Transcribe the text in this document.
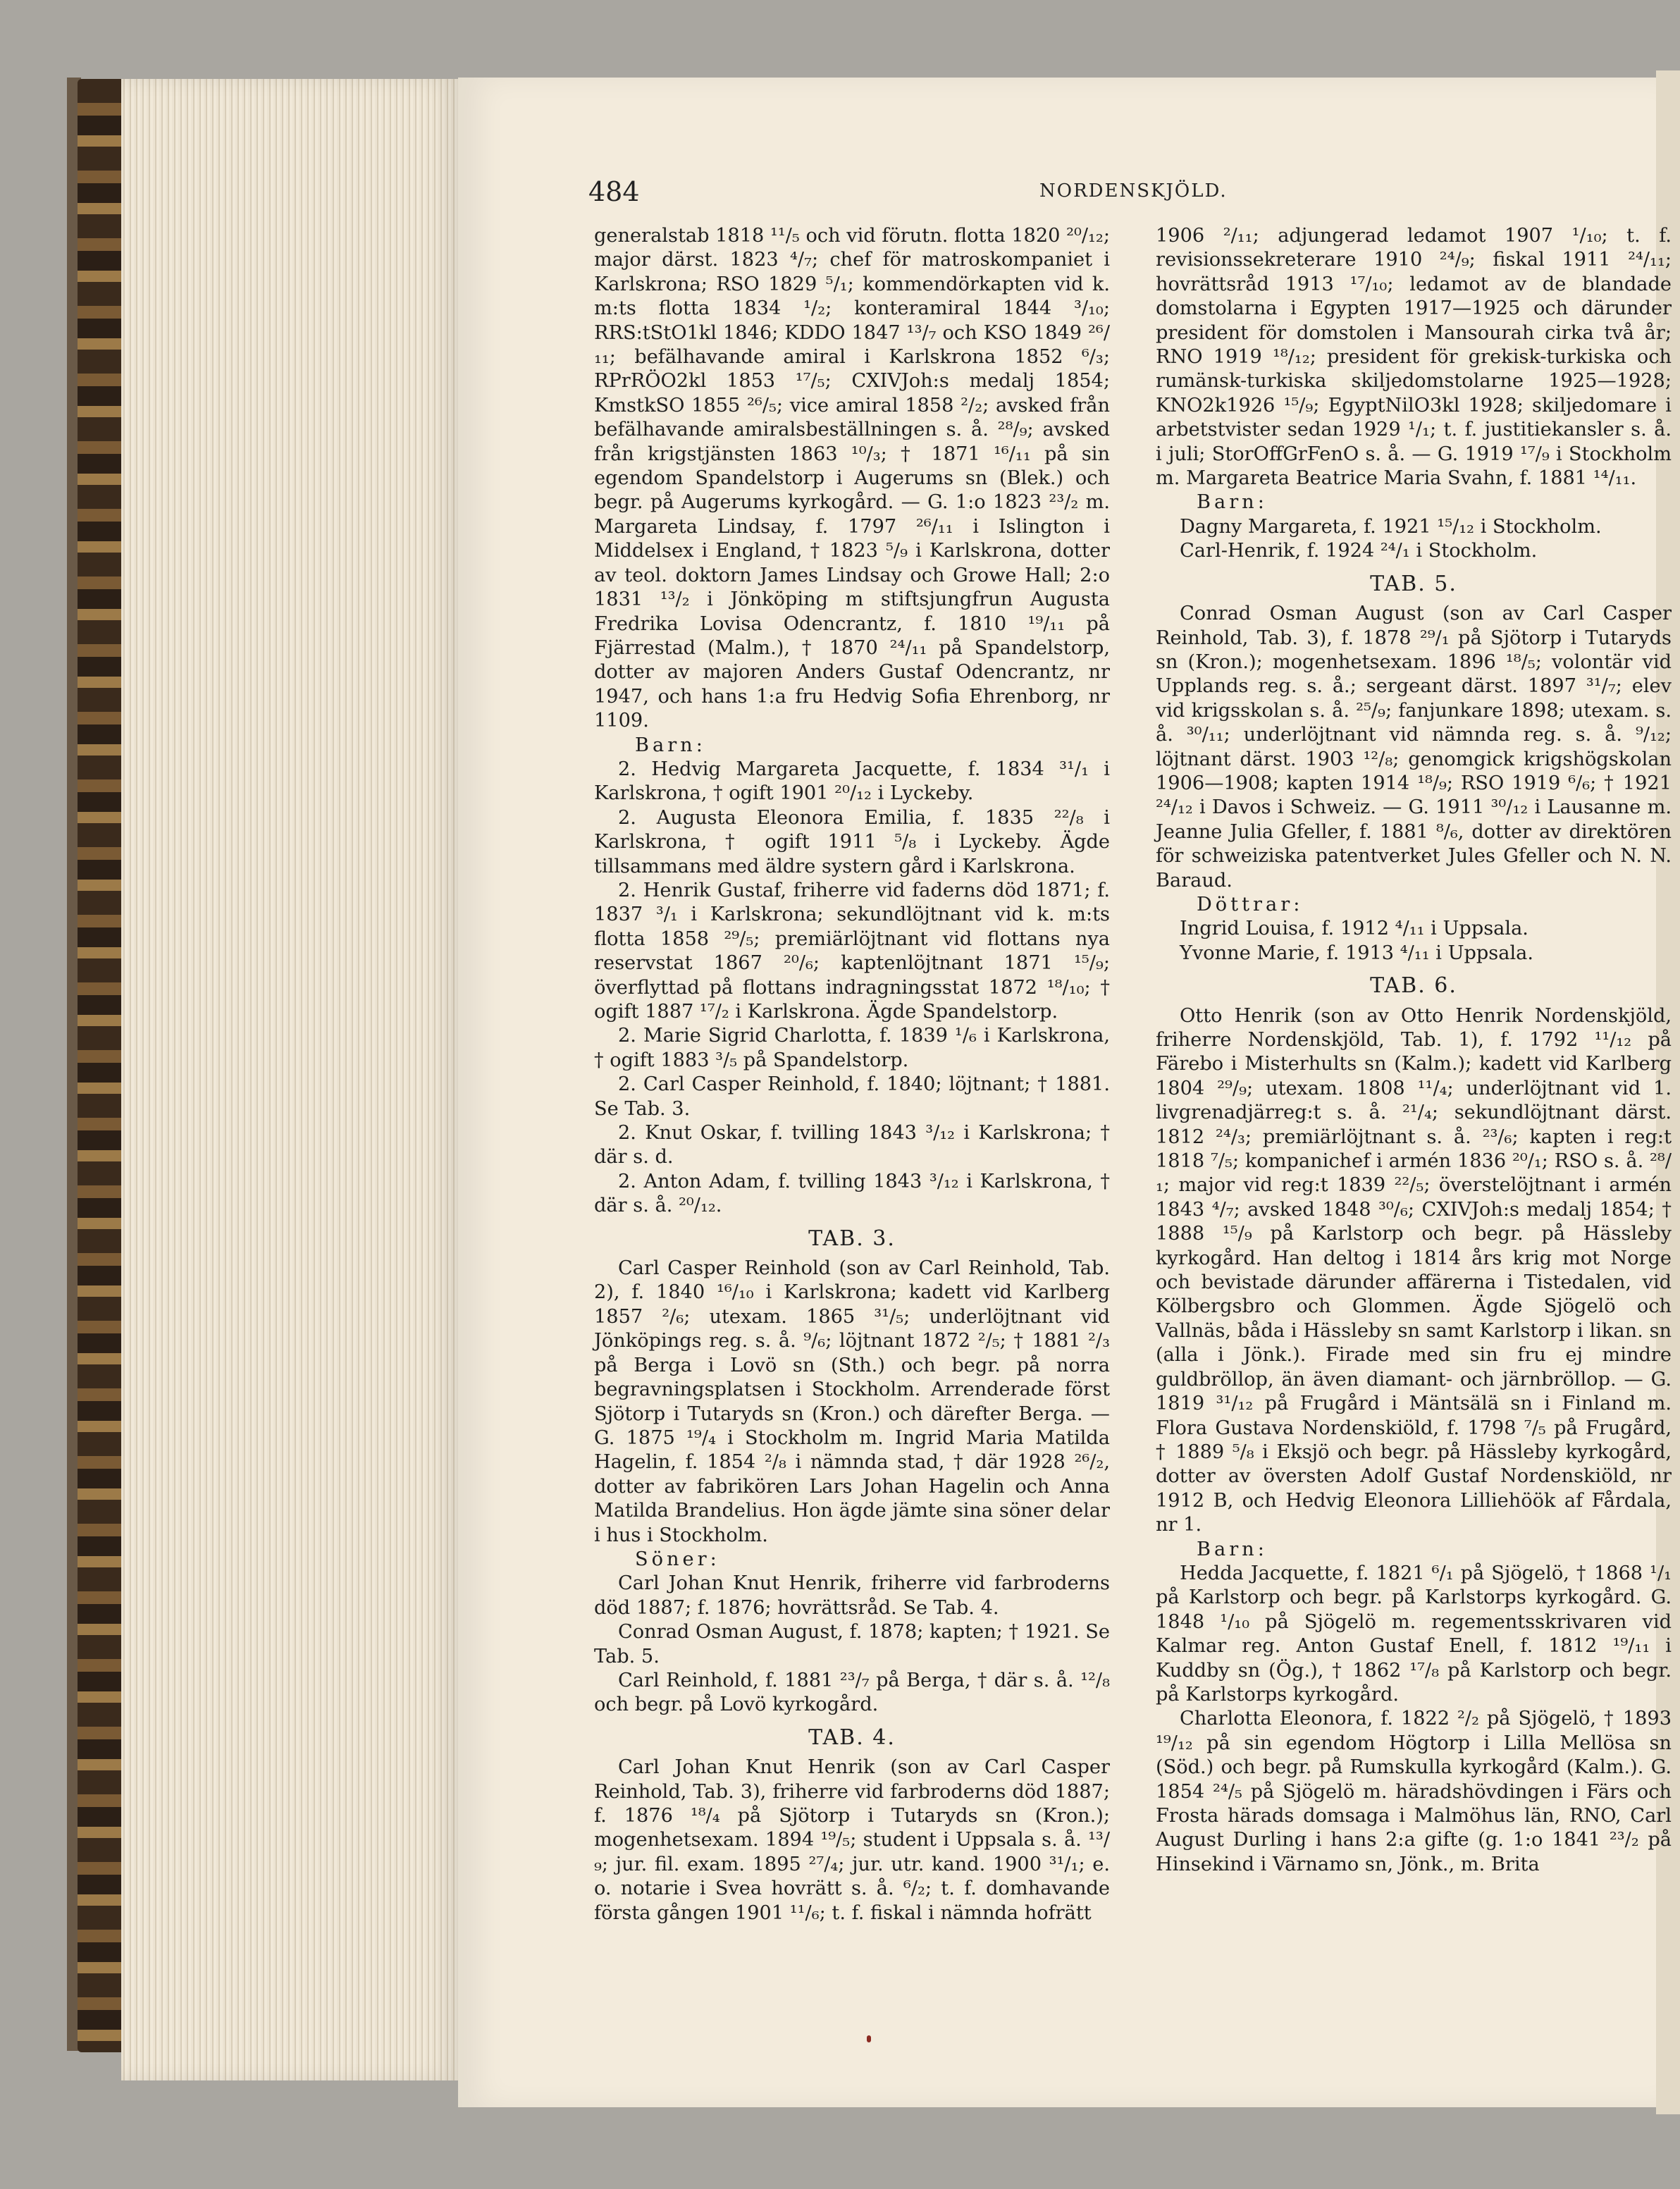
484	NORDENSKJÖLD.

generalstab 1818 ¹¹/₅ och vid förutn. flotta 1820 ²⁰/₁₂; major därst. 1823 ⁴/₇; chef för matroskompaniet i Karlskrona; RSO 1829 ⁵/₁; kommendörkapten vid k. m:ts flotta 1834 ¹/₂; konteramiral 1844 ³/₁₀; RRS:tStO1kl 1846; KDDO 1847 ¹³/₇ och KSO 1849 ²⁶/₁₁; befälhavande amiral i Karlskrona 1852 ⁶/₃; RPrRÖO2kl 1853 ¹⁷/₅; CXIVJoh:s medalj 1854; KmstkSO 1855 ²⁶/₅; vice amiral 1858 ²/₂; avsked från befälhavande amiralsbeställningen s. å. ²⁸/₉; avsked från krigstjänsten 1863 ¹⁰/₃; † 1871 ¹⁶/₁₁ på sin egendom Spandelstorp i Augerums sn (Blek.) och begr. på Augerums kyrkogård. — G. 1:o 1823 ²³/₂ m. Margareta Lindsay, f. 1797 ²⁶/₁₁ i Islington i Middelsex i England, † 1823 ⁵/₉ i Karlskrona, dotter av teol. doktorn James Lindsay och Growe Hall; 2:o 1831 ¹³/₂ i Jönköping m stiftsjungfrun Augusta Fredrika Lovisa Odencrantz, f. 1810 ¹⁹/₁₁ på Fjärrestad (Malm.), † 1870 ²⁴/₁₁ på Spandelstorp, dotter av majoren Anders Gustaf Odencrantz, nr 1947, och hans 1:a fru Hedvig Sofia Ehrenborg, nr 1109.

Barn:

2. Hedvig Margareta Jacquette, f. 1834 ³¹/₁ i Karlskrona, † ogift 1901 ²⁰/₁₂ i Lyckeby.

2. Augusta Eleonora Emilia, f. 1835 ²²/₈ i Karlskrona, † ogift 1911 ⁵/₈ i Lyckeby. Ägde tillsammans med äldre systern gård i Karlskrona.

2. Henrik Gustaf, friherre vid faderns död 1871; f. 1837 ³/₁ i Karlskrona; sekundlöjtnant vid k. m:ts flotta 1858 ²⁹/₅; premiärlöjtnant vid flottans nya reservstat 1867 ²⁰/₆; kaptenlöjtnant 1871 ¹⁵/₉; överflyttad på flottans indragningsstat 1872 ¹⁸/₁₀; † ogift 1887 ¹⁷/₂ i Karlskrona. Ägde Spandelstorp.

2. Marie Sigrid Charlotta, f. 1839 ¹/₆ i Karlskrona, † ogift 1883 ³/₅ på Spandelstorp.

2. Carl Casper Reinhold, f. 1840; löjtnant; † 1881. Se Tab. 3.

2. Knut Oskar, f. tvilling 1843 ³/₁₂ i Karlskrona; † där s. d.

2. Anton Adam, f. tvilling 1843 ³/₁₂ i Karlskrona, † där s. å. ²⁰/₁₂.

TAB. 3.

Carl Casper Reinhold (son av Carl Reinhold, Tab. 2), f. 1840 ¹⁶/₁₀ i Karlskrona; kadett vid Karlberg 1857 ²/₆; utexam. 1865 ³¹/₅; underlöjtnant vid Jönköpings reg. s. å. ⁹/₆; löjtnant 1872 ²/₅; † 1881 ²/₃ på Berga i Lovö sn (Sth.) och begr. på norra begravningsplatsen i Stockholm. Arrenderade först Sjötorp i Tutaryds sn (Kron.) och därefter Berga. — G. 1875 ¹⁹/₄ i Stockholm m. Ingrid Maria Matilda Hagelin, f. 1854 ²/₈ i nämnda stad, † där 1928 ²⁶/₂, dotter av fabrikören Lars Johan Hagelin och Anna Matilda Brandelius. Hon ägde jämte sina söner delar i hus i Stockholm.

Söner:

Carl Johan Knut Henrik, friherre vid farbroderns död 1887; f. 1876; hovrättsråd. Se Tab. 4.

Conrad Osman August, f. 1878; kapten; † 1921. Se Tab. 5.

Carl Reinhold, f. 1881 ²³/₇ på Berga, † där s. å. ¹²/₈ och begr. på Lovö kyrkogård.

TAB. 4.

Carl Johan Knut Henrik (son av Carl Casper Reinhold, Tab. 3), friherre vid farbroderns död 1887; f. 1876 ¹⁸/₄ på Sjötorp i Tutaryds sn (Kron.); mogenhetsexam. 1894 ¹⁹/₅; student i Uppsala s. å. ¹³/₉; jur. fil. exam. 1895 ²⁷/₄; jur. utr. kand. 1900 ³¹/₁; e. o. notarie i Svea hovrätt s. å. ⁶/₂; t. f. domhavande första gången 1901 ¹¹/₆; t. f. fiskal i nämnda hofrätt

1906 ²/₁₁; adjungerad ledamot 1907 ¹/₁₀; t. f. revisionssekreterare 1910 ²⁴/₉; fiskal 1911 ²⁴/₁₁; hovrättsråd 1913 ¹⁷/₁₀; ledamot av de blandade domstolarna i Egypten 1917—1925 och därunder president för domstolen i Mansourah cirka två år; RNO 1919 ¹⁸/₁₂; president för grekisk-turkiska och rumänsk-turkiska skiljedomstolarne 1925—1928; KNO2k1926 ¹⁵/₉; EgyptNilO3kl 1928; skiljedomare i arbetstvister sedan 1929 ¹/₁; t. f. justitiekansler s. å. i juli; StorOffGrFenO s. å. — G. 1919 ¹⁷/₉ i Stockholm m. Margareta Beatrice Maria Svahn, f. 1881 ¹⁴/₁₁.

Barn:

Dagny Margareta, f. 1921 ¹⁵/₁₂ i Stockholm.

Carl-Henrik, f. 1924 ²⁴/₁ i Stockholm.

TAB. 5.

Conrad Osman August (son av Carl Casper Reinhold, Tab. 3), f. 1878 ²⁹/₁ på Sjötorp i Tutaryds sn (Kron.); mogenhetsexam. 1896 ¹⁸/₅; volontär vid Upplands reg. s. å.; sergeant därst. 1897 ³¹/₇; elev vid krigsskolan s. å. ²⁵/₉; fanjunkare 1898; utexam. s. å. ³⁰/₁₁; underlöjtnant vid nämnda reg. s. å. ⁹/₁₂; löjtnant därst. 1903 ¹²/₈; genomgick krigshögskolan 1906—1908; kapten 1914 ¹⁸/₉; RSO 1919 ⁶/₆; † 1921 ²⁴/₁₂ i Davos i Schweiz. — G. 1911 ³⁰/₁₂ i Lausanne m. Jeanne Julia Gfeller, f. 1881 ⁸/₆, dotter av direktören för schweiziska patentverket Jules Gfeller och N. N. Baraud.

Döttrar:

Ingrid Louisa, f. 1912 ⁴/₁₁ i Uppsala.

Yvonne Marie, f. 1913 ⁴/₁₁ i Uppsala.

TAB. 6.

Otto Henrik (son av Otto Henrik Nordenskjöld, friherre Nordenskjöld, Tab. 1), f. 1792 ¹¹/₁₂ på Färebo i Misterhults sn (Kalm.); kadett vid Karlberg 1804 ²⁹/₉; utexam. 1808 ¹¹/₄; underlöjtnant vid 1. livgrenadjärreg:t s. å. ²¹/₄; sekundlöjtnant därst. 1812 ²⁴/₃; premiärlöjtnant s. å. ²³/₆; kapten i reg:t 1818 ⁷/₅; kompanichef i armén 1836 ²⁰/₁; RSO s. å. ²⁸/₁; major vid reg:t 1839 ²²/₅; överstelöjtnant i armén 1843 ⁴/₇; avsked 1848 ³⁰/₆; CXIVJoh:s medalj 1854; † 1888 ¹⁵/₉ på Karlstorp och begr. på Hässleby kyrkogård. Han deltog i 1814 års krig mot Norge och bevistade därunder affärerna i Tistedalen, vid Kölbergsbro och Glommen. Ägde Sjögelö och Vallnäs, båda i Hässleby sn samt Karlstorp i likan. sn (alla i Jönk.). Firade med sin fru ej mindre guldbröllop, än även diamant- och järnbröllop. — G. 1819 ³¹/₁₂ på Frugård i Mäntsälä sn i Finland m. Flora Gustava Nordenskiöld, f. 1798 ⁷/₅ på Frugård, † 1889 ⁵/₈ i Eksjö och begr. på Hässleby kyrkogård, dotter av översten Adolf Gustaf Nordenskiöld, nr 1912 B, och Hedvig Eleonora Lilliehöök af Fårdala, nr 1.

Barn:

Hedda Jacquette, f. 1821 ⁶/₁ på Sjögelö, † 1868 ¹/₁ på Karlstorp och begr. på Karlstorps kyrkogård. G. 1848 ¹/₁₀ på Sjögelö m. regementsskrivaren vid Kalmar reg. Anton Gustaf Enell, f. 1812 ¹⁹/₁₁ i Kuddby sn (Ög.), † 1862 ¹⁷/₈ på Karlstorp och begr. på Karlstorps kyrkogård.

Charlotta Eleonora, f. 1822 ²/₂ på Sjögelö, † 1893 ¹⁹/₁₂ på sin egendom Högtorp i Lilla Mellösa sn (Söd.) och begr. på Rumskulla kyrkogård (Kalm.). G. 1854 ²⁴/₅ på Sjögelö m. häradshövdingen i Färs och Frosta härads domsaga i Malmöhus län, RNO, Carl August Durling i hans 2:a gifte (g. 1:o 1841 ²³/₂ på Hinsekind i Värnamo sn, Jönk., m. Brita
